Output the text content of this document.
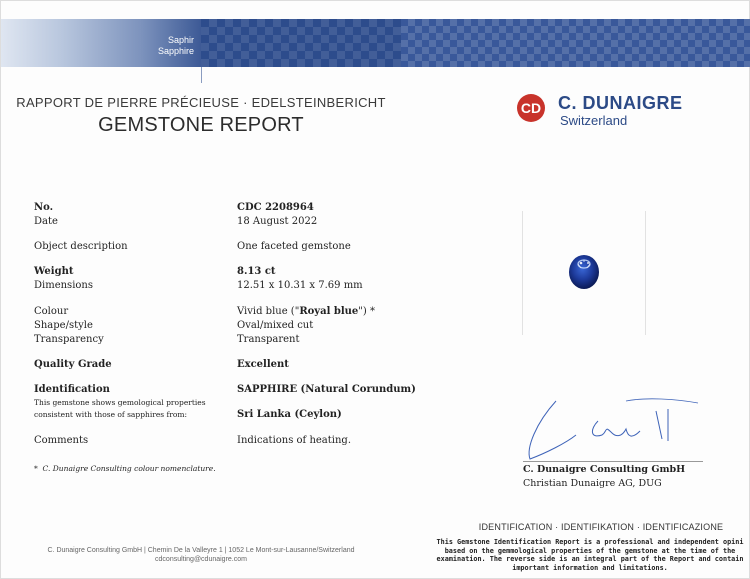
Saphir
Sapphire
RAPPORT DE PIERRE PRÉCIEUSE · EDELSTEINBERICHT
GEMSTONE REPORT
CD C. DUNAIGRE
Switzerland
No.	CDC 2208964
Date	18 August 2022
Object description	One faceted gemstone
Weight	8.13 ct
Dimensions	12.51 x 10.31 x 7.69 mm
Colour	Vivid blue ("Royal blue") *
Shape/style	Oval/mixed cut
Transparency	Transparent
Quality Grade	Excellent
Identification	SAPPHIRE (Natural Corundum)
This gemstone shows gemological properties
consistent with those of sapphires from:	Sri Lanka (Ceylon)
Comments	Indications of heating.
* C. Dunaigre Consulting colour nomenclature.	C. Dunaigre Consulting GmbH
Christian Dunaigre AG, DUG
C. Dunaigre Consulting GmbH | Chemin De la Valleyre 1 | 1052 Le Mont-sur-Lausanne/Switzerland
cdconsulting@cdunaigre.com
IDENTIFICATION · IDENTIFIKATION · IDENTIFICAZIONE
This Gemstone Identification Report is a professional and independent opini
based on the gemmological properties of the gemstone at the time of the
examination. The reverse side is an integral part of the Report and contain
important information and limitations.
